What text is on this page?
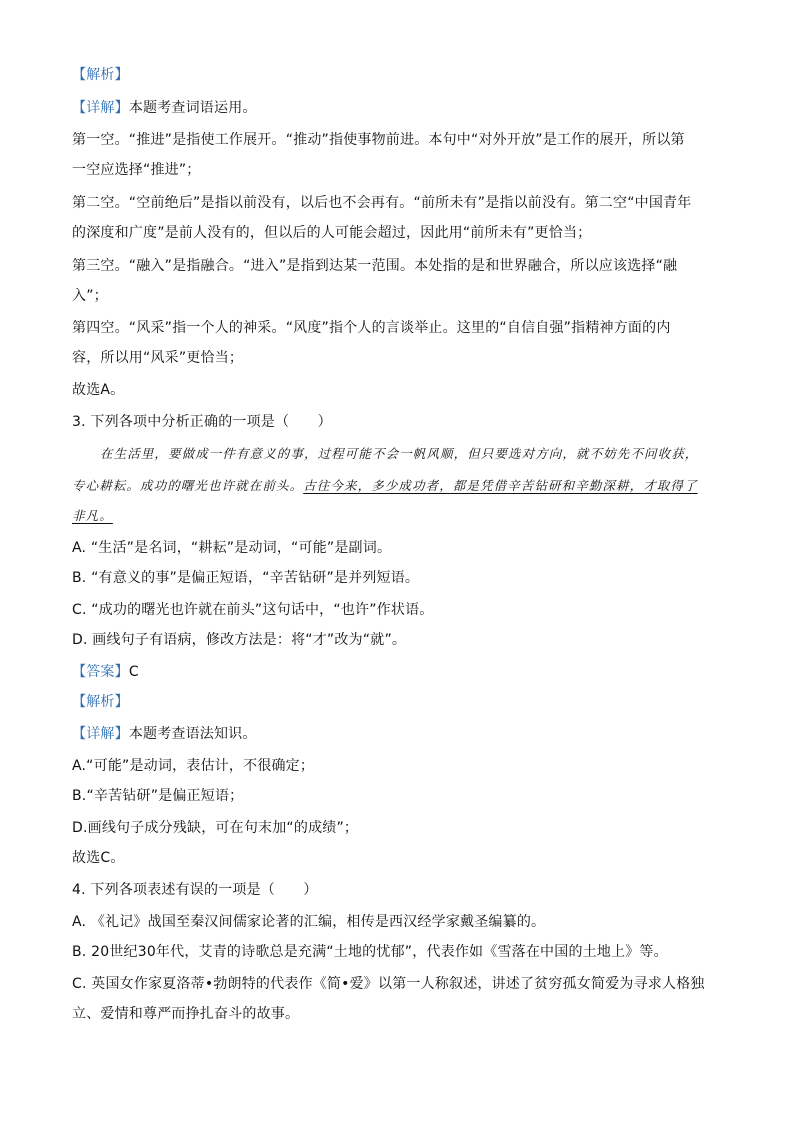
【解析】
【详解】本题考查词语运用。
第一空。“推进”是指使工作展开。“推动”指使事物前进。本句中“对外开放”是工作的展开，所以第
一空应选择“推进”；
第二空。“空前绝后”是指以前没有，以后也不会再有。“前所未有”是指以前没有。第二空“中国青年
的深度和广度”是前人没有的，但以后的人可能会超过，因此用“前所未有”更恰当；
第三空。“融入”是指融合。“进入”是指到达某一范围。本处指的是和世界融合，所以应该选择“融
入”；
第四空。“风采”指一个人的神采。“风度”指个人的言谈举止。这里的“自信自强”指精神方面的内
容，所以用“风采”更恰当；
故选A。
3. 下列各项中分析正确的一项是（　　）
在生活里，要做成一件有意义的事，过程可能不会一帆风顺，但只要选对方向，就不妨先不问收获，
专心耕耘。成功的曙光也许就在前头。古往今来，多少成功者，都是凭借辛苦钻研和辛勤深耕，才取得了
非凡。
A. “生活”是名词，“耕耘”是动词，“可能”是副词。
B. “有意义的事”是偏正短语，“辛苦钻研”是并列短语。
C. “成功的曙光也许就在前头”这句话中，“也许”作状语。
D. 画线句子有语病，修改方法是：将“才”改为“就”。
【答案】C
【解析】
【详解】本题考查语法知识。
A.“可能”是动词，表估计，不很确定；
B.“辛苦钻研”是偏正短语；
D.画线句子成分残缺，可在句末加“的成绩”；
故选C。
4. 下列各项表述有误的一项是（　　）
A. 《礼记》战国至秦汉间儒家论著的汇编，相传是西汉经学家戴圣编纂的。
B. 20世纪30年代，艾青的诗歌总是充满“土地的忧郁”，代表作如《雪落在中国的土地上》等。
C. 英国女作家夏洛蒂•勃朗特的代表作《简•爱》以第一人称叙述，讲述了贫穷孤女简爱为寻求人格独
立、爱情和尊严而挣扎奋斗的故事。
